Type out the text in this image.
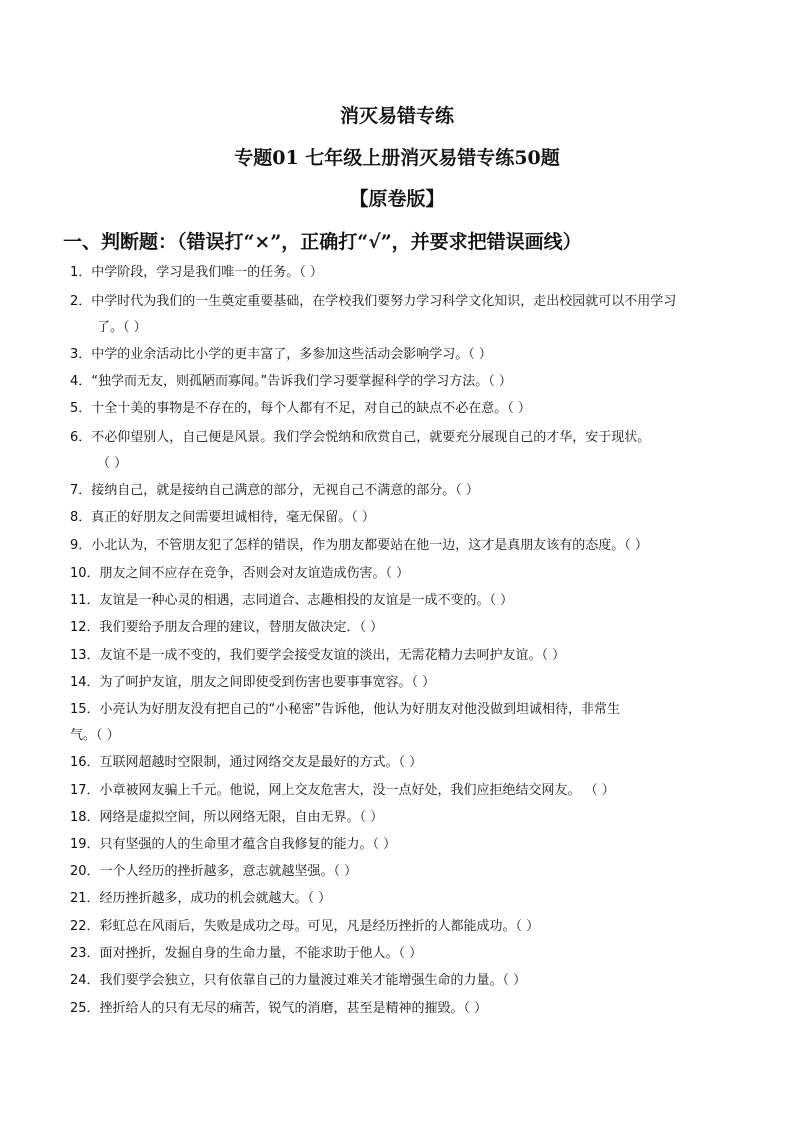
消灭易错专练
专题01 七年级上册消灭易错专练50题
【原卷版】
一、判断题：（错误打“×”，正确打“√”，并要求把错误画线）
1．中学阶段，学习是我们唯一的任务。（ ）
2．中学时代为我们的一生奠定重要基础，在学校我们要努力学习科学文化知识，走出校园就可以不用学习
了。（ ）
3．中学的业余活动比小学的更丰富了，多参加这些活动会影响学习。（ ）
4．“独学而无友，则孤陋而寡闻。”告诉我们学习要掌握科学的学习方法。（ ）
5．十全十美的事物是不存在的，每个人都有不足，对自己的缺点不必在意。（ ）
6．不必仰望别人，自己便是风景。我们学会悦纳和欣赏自己，就要充分展现自己的才华，安于现状。
（ ）
7．接纳自己，就是接纳自己满意的部分，无视自己不满意的部分。（ ）
8．真正的好朋友之间需要坦诚相待，毫无保留。（ ）
9．小北认为，不管朋友犯了怎样的错误，作为朋友都要站在他一边，这才是真朋友该有的态度。（ ）
10．朋友之间不应存在竞争，否则会对友谊造成伤害。（ ）
11．友谊是一种心灵的相遇，志同道合、志趣相投的友谊是一成不变的。（ ）
12．我们要给予朋友合理的建议，替朋友做决定．（ ）
13．友谊不是一成不变的，我们要学会接受友谊的淡出，无需花精力去呵护友谊。（ ）
14．为了呵护友谊，朋友之间即使受到伤害也要事事宽容。（ ）
15．小亮认为好朋友没有把自己的“小秘密”告诉他，他认为好朋友对他没做到坦诚相待，非常生
气。（ ）
16．互联网超越时空限制，通过网络交友是最好的方式。（ ）
17．小章被网友骗上千元。他说，网上交友危害大，没一点好处，我们应拒绝结交网友。 （ ）
18．网络是虚拟空间，所以网络无限，自由无界。（ ）
19．只有坚强的人的生命里才蕴含自我修复的能力。（ ）
20．一个人经历的挫折越多，意志就越坚强。（ ）
21．经历挫折越多，成功的机会就越大。（ ）
22．彩虹总在风雨后，失败是成功之母。可见，凡是经历挫折的人都能成功。（ ）
23．面对挫折，发掘自身的生命力量，不能求助于他人。（ ）
24．我们要学会独立，只有依靠自己的力量渡过难关才能增强生命的力量。（ ）
25．挫折给人的只有无尽的痛苦，锐气的消磨，甚至是精神的摧毁。（ ）
